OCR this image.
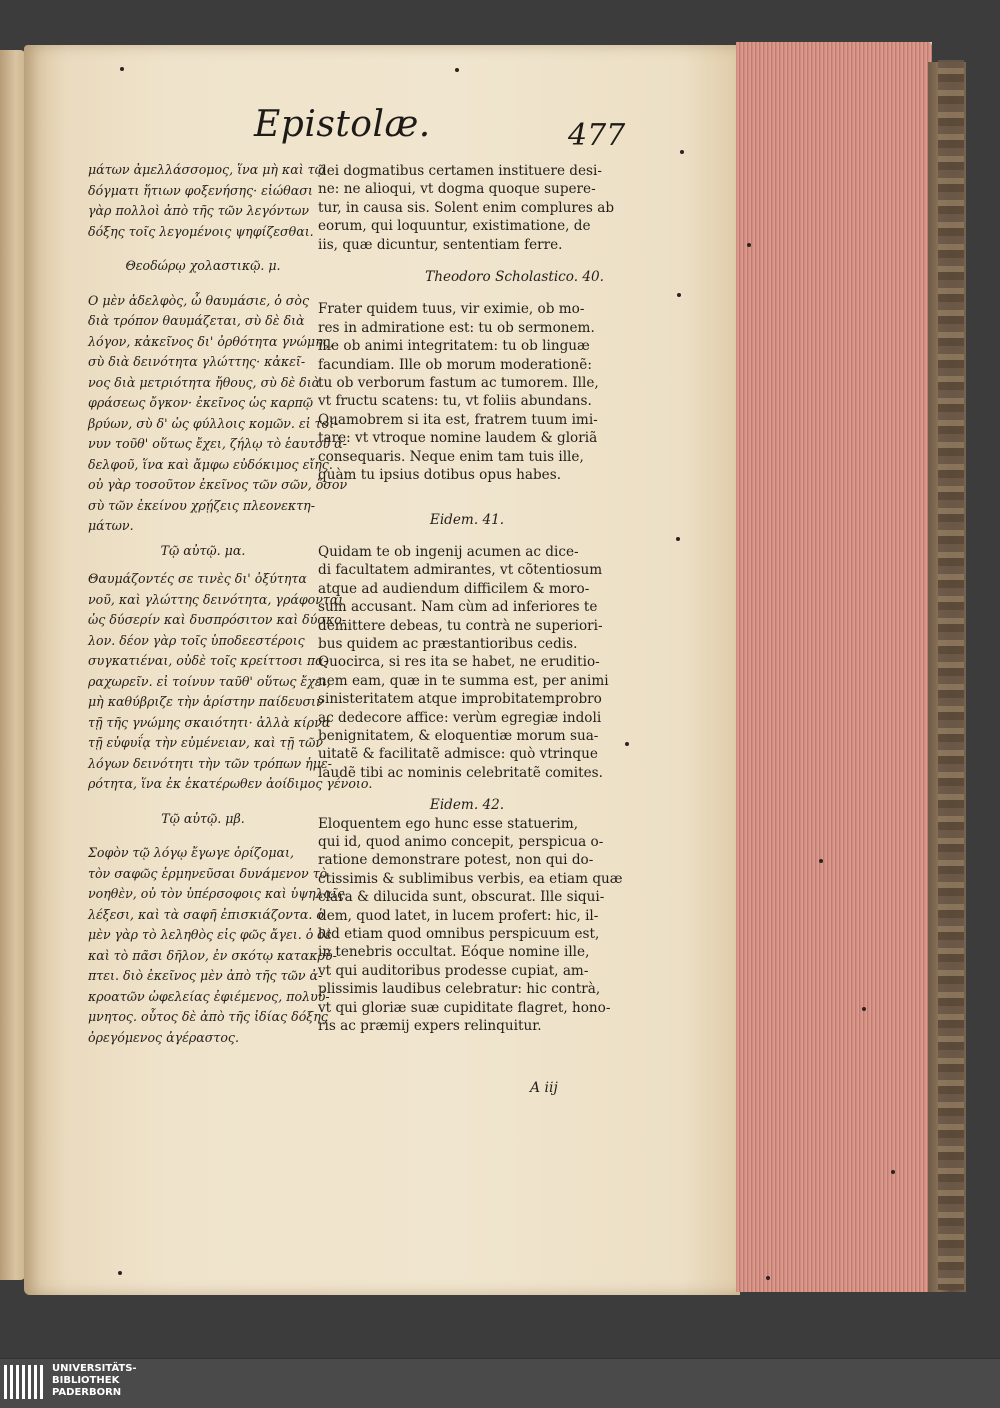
Epistolæ.	477
μάτων ἀμελλάσσομος, ἵνα μὴ καὶ τῷ
δόγματι ἥτιων φοξενήσης· εἰώθασι
γὰρ πολλοὶ ἀπὸ τῆς τῶν λεγόντων
δόξης τοῖς λεγομένοις ψηφίζεσθαι.
Θεοδώρῳ χολαστικῷ. μ.
Ο μὲν ἀδελφὸς, ὦ θαυμάσιε, ὁ σὸς
διὰ τρόπον θαυμάζεται, σὺ δὲ διὰ
λόγον, κἀκεῖνος δι' ὀρθότητα γνώμης,
σὺ διὰ δεινότητα γλώττης· κἀκεῖ-
νος διὰ μετριότητα ἤθους, σὺ δὲ διὰ
φράσεως ὄγκον· ἐκεῖνος ὡς καρπῷ
βρύων, σὺ δ' ὡς φύλλοις κομῶν. εἰ τοί-
νυν τοῦθ' οὕτως ἔχει, ζήλῳ τὸ ἑαυτοῦ ἀ-
δελφοῦ, ἵνα καὶ ἄμφω εὐδόκιμος εἴης.
οὐ γὰρ τοσοῦτον ἐκεῖνος τῶν σῶν, ὅσον
σὺ τῶν ἐκείνου χρῄζεις πλεονεκτη-
μάτων.
Τῷ αὐτῷ. μα.
Θαυμάζοντές σε τινὲς δι' ὀξύτητα
νοῦ, καὶ γλώττης δεινότητα, γράφονται
ὡς δύσερίν καὶ δυσπρόσιτον καὶ δύσκο-
λον. δέον γὰρ τοῖς ὑποδεεστέροις
συγκατιέναι, οὐδὲ τοῖς κρείττοσι πα-
ραχωρεῖν. εἰ τοίνυν ταῦθ' οὕτως ἔχει,
μὴ καθύβριζε τὴν ἀρίστην παίδευσιν
τῇ τῆς γνώμης σκαιότητι· ἀλλὰ κίρνα
τῇ εὐφυΐᾳ τὴν εὐμένειαν, καὶ τῇ τῶν
λόγων δεινότητι τὴν τῶν τρόπων ἡμε-
ρότητα, ἵνα ἐκ ἑκατέρωθεν ἀοίδιμος γένοιο.
Τῷ αὐτῷ. μβ.
Σοφὸν τῷ λόγῳ ἔγωγε ὁρίζομαι,
τὸν σαφῶς ἑρμηνεῦσαι δυνάμενον τὸ
νοηθὲν, οὐ τὸν ὑπέρσοφοις καὶ ὑψηλαῖς
λέξεσι, καὶ τὰ σαφῆ ἐπισκιάζοντα. ὁ
μὲν γὰρ τὸ λεληθὸς εἰς φῶς ἄγει. ὁ δὲ
καὶ τὸ πᾶσι δῆλον, ἐν σκότῳ κατακρύ-
πτει. διὸ ἐκεῖνος μὲν ἀπὸ τῆς τῶν ἀ-
κροατῶν ὠφελείας ἐφιέμενος, πολυύ-
μνητος. οὗτος δὲ ἀπὸ τῆς ἰδίας δόξης
ὀρεγόμενος ἀγέραστος.
dei dogmatibus certamen instituere desi-
ne: ne alioqui, vt dogma quoque superе-
tur, in causa sis. Solent enim complures ab
eorum, qui loquuntur, existimatione, de
iis, quæ dicuntur, sententiam ferre.
Theodoro Scholastico. 40.
Frater quidem tuus, vir eximie, ob mo-
res in admiratione est: tu ob sermonem.
ille ob animi integritatem: tu ob linguæ
facundiam. Ille ob morum moderationẽ:
tu ob verborum fastum ac tumorem. Ille,
vt fructu scatens: tu, vt foliis abundans.
Quamobrem si ita est, fratrem tuum imi-
tare: vt vtroque nomine laudem & gloriã
consequaris. Neque enim tam tuis ille,
quàm tu ipsius dotibus opus habes.
Eidem. 41.
Quidam te ob ingenij acumen ac dice-
di facultatem admirantes, vt cõtentiosum
atque ad audiendum difficilem & moro-
sum accusant. Nam cùm ad inferiores te
demittere debeas, tu contrà ne superiori-
bus quidem ac præstantioribus cedis.
Quocirca, si res ita se habet, ne eruditio-
nem eam, quæ in te summa est, per animi
sinisteritatem atque improbitatemprobro
ac dedecore affice: verùm egregiæ indoli
benignitatem, & eloquentiæ morum sua-
uitatẽ & facilitatẽ admisce: quò vtrinque
laudẽ tibi ac nominis celebritatẽ comites.
Eidem. 42.
Eloquentem ego hunc esse statuerim,
qui id, quod animo concepit, perspicua o-
ratione demonstrare potest, non qui do-
ctissimis & sublimibus verbis, ea etiam quæ
clara & dilucida sunt, obscurat. Ille siqui-
dem, quod latet, in lucem profert: hic, il-
lud etiam quod omnibus perspicuum est,
in tenebris occultat. Eóque nomine ille,
vt qui auditoribus prodesse cupiat, am-
plissimis laudibus celebratur: hic contrà,
vt qui gloriæ suæ cupiditate flagret, hono-
ris ac præmij expers relinquitur.
A iij
UNIVERSITÄTS-
BIBLIOTHEK
PADERBORN
